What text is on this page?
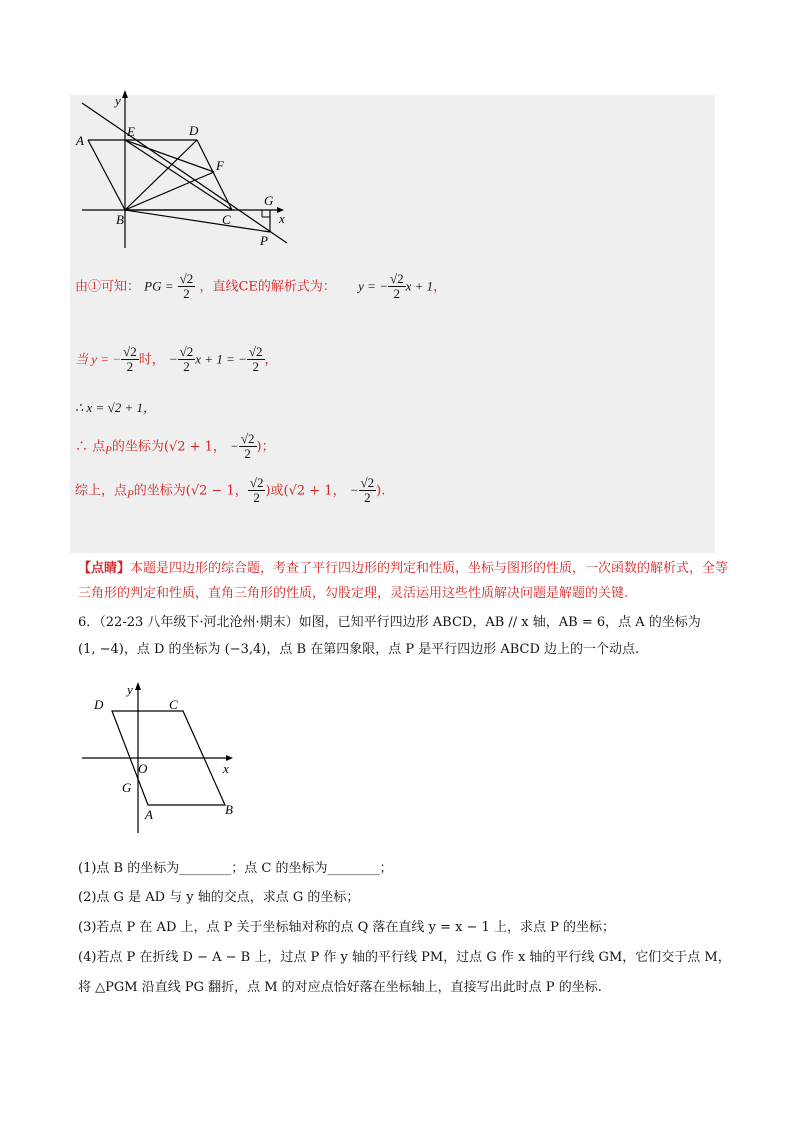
y
A
E	D
F
G
x
B	C
P
由①可知： PG = $\frac{√2}{2}$ ，直线CE的解析式为： y = − $\frac{√2}{2}$ x + 1，
当 y = − $\frac{√2}{2}$ 时， − $\frac{√2}{2}$ x + 1 = − $\frac{√2}{2}$ ，
∴ x = √2 + 1，
∴ 点$_P$的坐标为(√2 + 1， − $\frac{√2}{2}$ )；
综上，点$_P$的坐标为(√2 − 1， $\frac{√2}{2}$ )或(√2 + 1， − $\frac{√2}{2}$ ).
【点睛】本题是四边形的综合题，考查了平行四边形的判定和性质，坐标与图形的性质，一次函数的解析式，全等三角形的判定和性质，直角三角形的性质，勾股定理，灵活运用这些性质解决问题是解题的关键.
6．（22-23 八年级下·河北沧州·期末）如图，已知平行四边形 ABCD，AB // x 轴，AB = 6，点 A 的坐标为
(1, −4)，点 D 的坐标为 (−3,4)，点 B 在第四象限，点 P 是平行四边形 ABCD 边上的一个动点.
y
D	C
O	x
G
B
A
(1)点 B 的坐标为________；点 C 的坐标为________；
(2)点 G 是 AD 与 y 轴的交点，求点 G 的坐标；
(3)若点 P 在 AD 上，点 P 关于坐标轴对称的点 Q 落在直线 y = x − 1 上，求点 P 的坐标；
(4)若点 P 在折线 D − A − B 上，过点 P 作 y 轴的平行线 PM，过点 G 作 x 轴的平行线 GM，它们交于点 M，
将 △PGM 沿直线 PG 翻折，点 M 的对应点恰好落在坐标轴上，直接写出此时点 P 的坐标.
